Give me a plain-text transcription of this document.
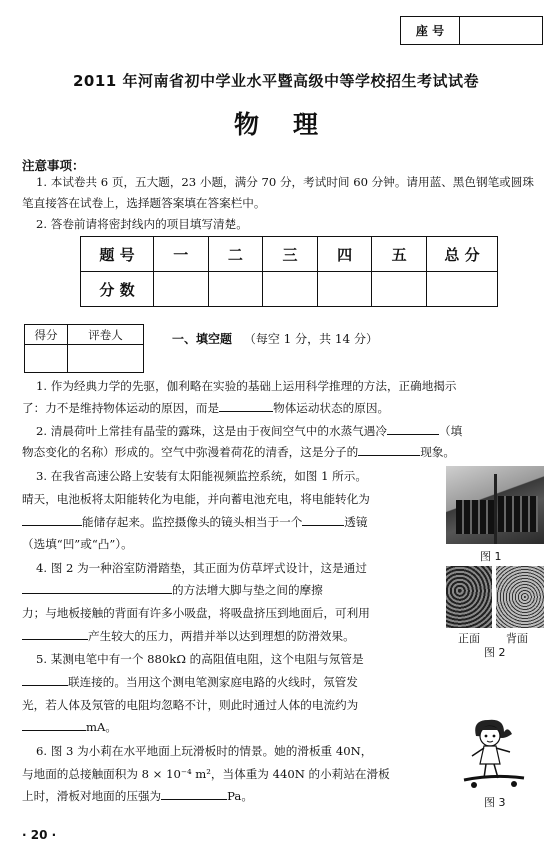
座 号	
2011 年河南省初中学业水平暨高级中等学校招生考试试卷
物理
注意事项：
1. 本试卷共 6 页，五大题，23 小题，满分 70 分，考试时间 60 分钟。请用蓝、黑色钢笔或圆珠笔直接答在试卷上，选择题答案填在答案栏中。
2. 答卷前请将密封线内的项目填写清楚。
题 号	一	二	三	四	五	总 分
分 数						
得分	评卷人
		一、填空题 （每空 1 分，共 14 分）
1. 作为经典力学的先驱，伽利略在实验的基础上运用科学推理的方法，正确地揭示
了：力不是维持物体运动的原因，而是	物体运动状态的原因。
2. 清晨荷叶上常挂有晶莹的露珠，这是由于夜间空气中的水蒸气遇冷	（填
物态变化的名称）形成的。空气中弥漫着荷花的清香，这是分子的	现象。
3. 在我省高速公路上安装有太阳能视频监控系统，如图 1 所示。
晴天，电池板将太阳能转化为电能，并向蓄电池充电，将电能转化为
能储存起来。监控摄像头的镜头相当于一个	透镜
（选填“凹”或“凸”）。
图 1
4. 图 2 为一种浴室防滑踏垫，其正面为仿草坪式设计，这是通过
的方法增大脚与垫之间的摩擦
力；与地板接触的背面有许多小吸盘，将吸盘挤压到地面后，可利用
产生较大的压力，两措并举以达到理想的防滑效果。	正面 背面
图 2
5. 某测电笔中有一个 880kΩ 的高阻值电阻，这个电阻与氖管是
联连接的。当用这个测电笔测家庭电路的火线时，氖管发
光，若人体及氖管的电阻均忽略不计，则此时通过人体的电流约为
mA。
6. 图 3 为小莉在水平地面上玩滑板时的情景。她的滑板重 40N，
与地面的总接触面积为 8 × 10⁻⁴ m²，当体重为 440N 的小莉站在滑板
上时，滑板对地面的压强为	Pa。	图 3
· 20 ·
